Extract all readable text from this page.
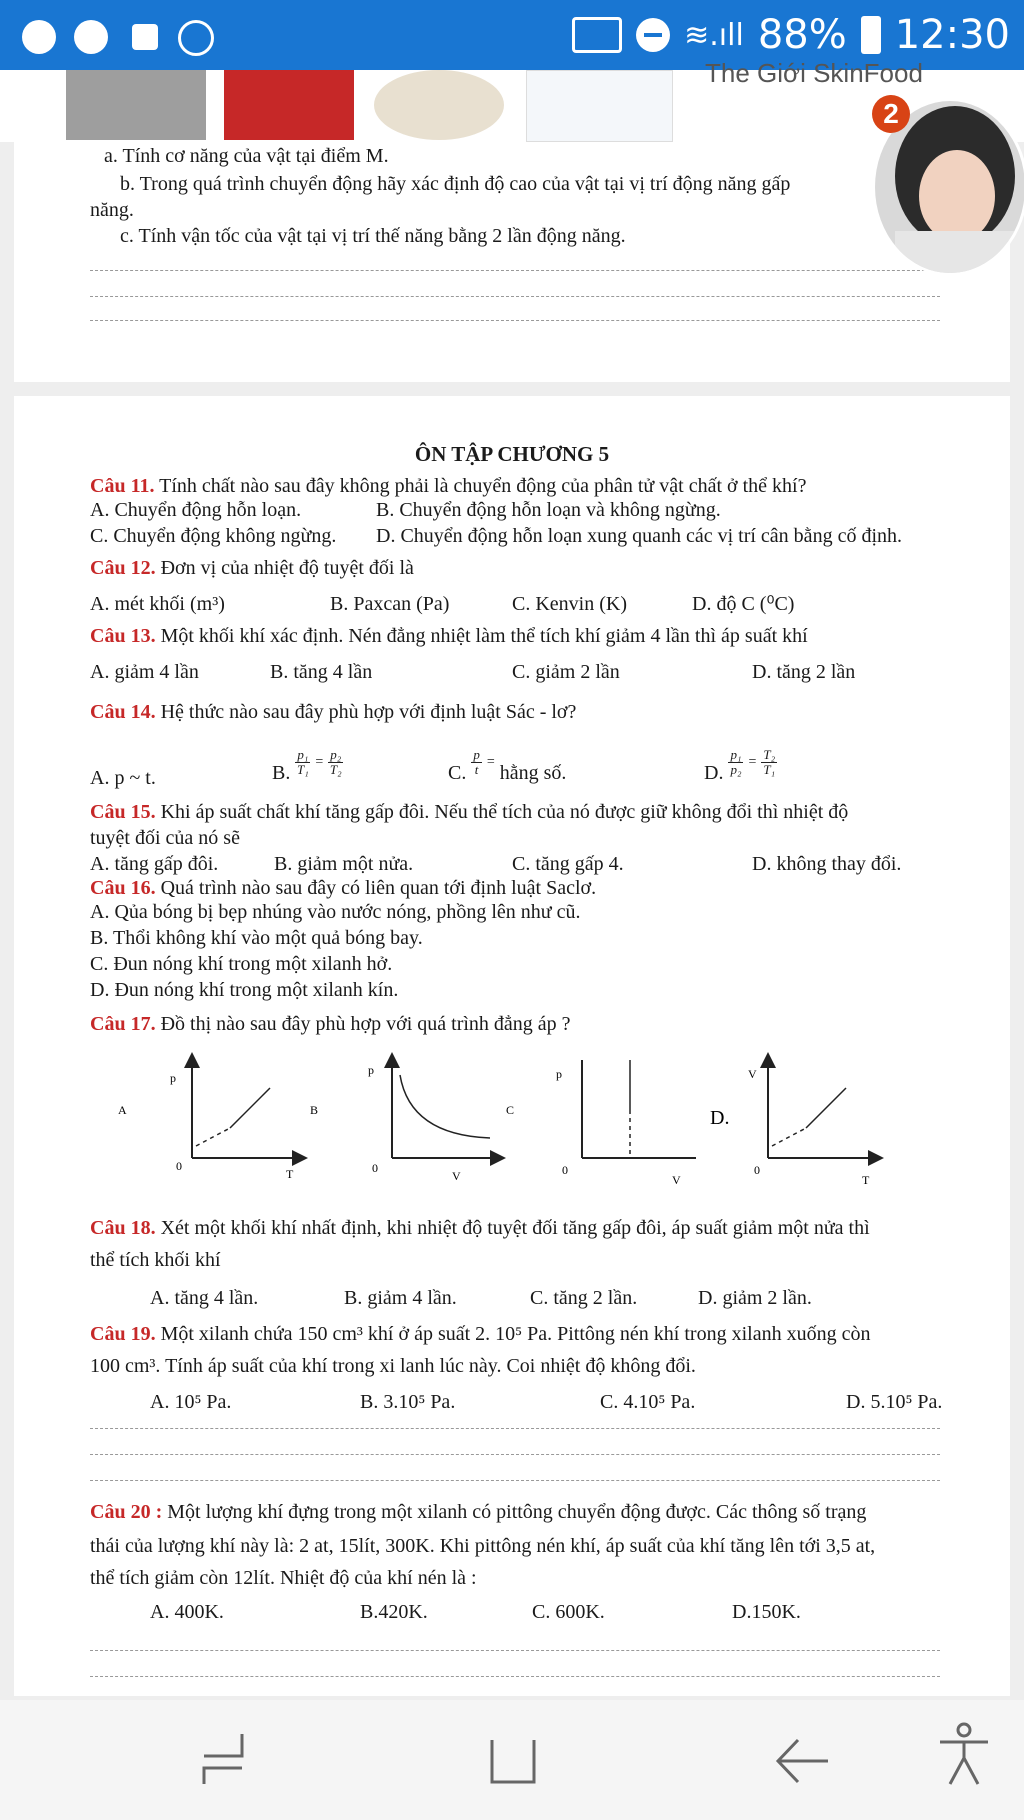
≋.ıll 88% 12:30
The Giới SkinFood
a. Tính cơ năng của vật tại điểm M.
b. Trong quá trình chuyển động hãy xác định độ cao của vật tại vị trí động năng gấp
năng.
c. Tính vận tốc của vật tại vị trí thế năng bằng 2 lần động năng.
2
ÔN TẬP CHƯƠNG 5
Câu 11. Tính chất nào sau đây không phải là chuyển động của phân tử vật chất ở thể khí?
A. Chuyển động hỗn loạn.	B. Chuyển động hỗn loạn và không ngừng.
C. Chuyển động không ngừng. D. Chuyển động hỗn loạn xung quanh các vị trí cân bằng cố định.
Câu 12. Đơn vị của nhiệt độ tuyệt đối là
A. mét khối (m³)	B. Paxcan (Pa)	C. Kenvin (K)	D. độ C (⁰C)
Câu 13. Một khối khí xác định. Nén đẳng nhiệt làm thể tích khí giảm 4 lần thì áp suất khí
A. giảm 4 lần	B. tăng 4 lần	C. giảm 2 lần	D. tăng 2 lần
Câu 14. Hệ thức nào sau đây phù hợp với định luật Sác - lơ?
A. p ~ t.	B. $\frac{\text{p₁}}{\text{T₁}} = \frac{\text{p₂}}{\text{T₂}}$	C. $\frac{p}{t}$ = hằng số.	D. $\frac{\text{p₁}}{\text{p₂}} = \frac{\text{T₂}}{\text{T₁}}$
Câu 15. Khi áp suất chất khí tăng gấp đôi. Nếu thể tích của nó được giữ không đổi thì nhiệt độ
tuyệt đối của nó sẽ
A. tăng gấp đôi.	B. giảm một nửa.	C. tăng gấp 4.	D. không thay đổi.
Câu 16. Quá trình nào sau đây có liên quan tới định luật Saclơ.
A. Qủa bóng bị bẹp nhúng vào nước nóng, phồng lên như cũ.
B. Thổi không khí vào một quả bóng bay.
C. Đun nóng khí trong một xilanh hở.
D. Đun nóng khí trong một xilanh kín.
Câu 17. Đồ thị nào sau đây phù hợp với quá trình đẳng áp ?
A
p
0
T
B
p
0
V
C
p
0
V
D.
V
0
T
Câu 18. Xét một khối khí nhất định, khi nhiệt độ tuyệt đối tăng gấp đôi, áp suất giảm một nửa thì
thể tích khối khí
A. tăng 4 lần.	B. giảm 4 lần.	C. tăng 2 lần.	D. giảm 2 lần.
Câu 19. Một xilanh chứa 150 cm³ khí ở áp suất 2. 10⁵ Pa. Pittông nén khí trong xilanh xuống còn
100 cm³. Tính áp suất của khí trong xi lanh lúc này. Coi nhiệt độ không đổi.
A. 10⁵ Pa.	B. 3.10⁵ Pa.	C. 4.10⁵ Pa.	D. 5.10⁵ Pa.
Câu 20 : Một lượng khí đựng trong một xilanh có pittông chuyển động được. Các thông số trạng
thái của lượng khí này là: 2 at, 15lít, 300K. Khi pittông nén khí, áp suất của khí tăng lên tới 3,5 at,
thể tích giảm còn 12lít. Nhiệt độ của khí nén là :
A. 400K.	B.420K.	C. 600K.	D.150K.
